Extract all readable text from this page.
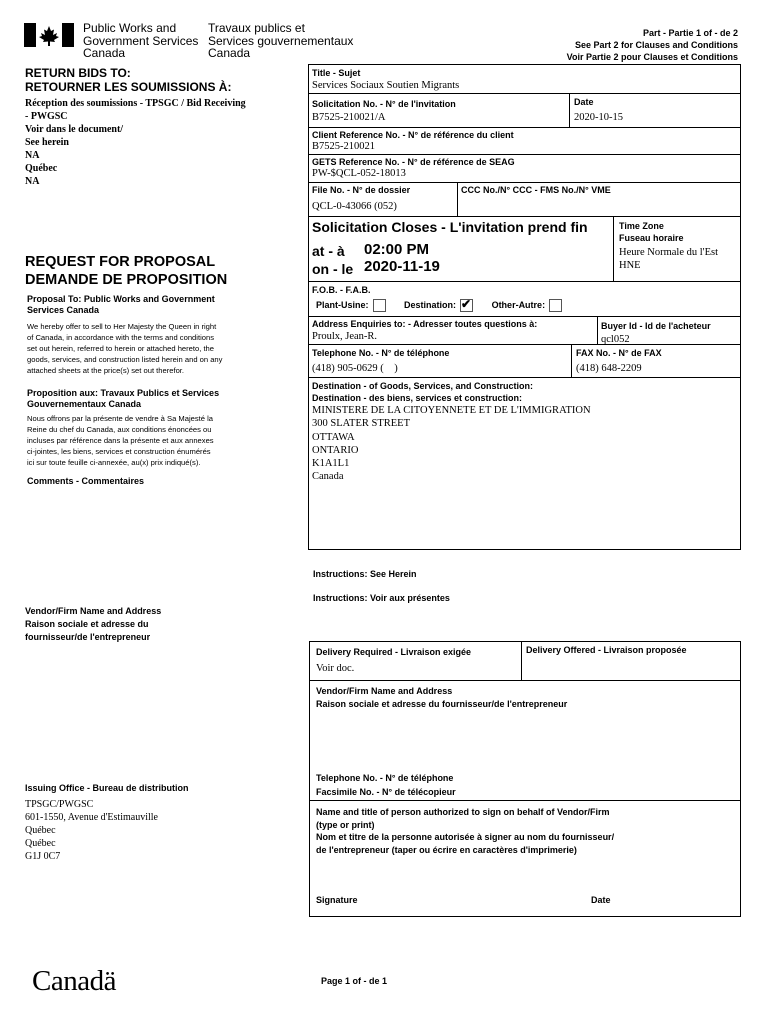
Public Works and
Government Services
Canada
Travaux publics et
Services gouvernementaux
Canada
Part - Partie 1 of - de 2
See Part 2 for Clauses and Conditions
Voir Partie 2 pour Clauses et Conditions
RETURN BIDS TO:
RETOURNER LES SOUMISSIONS À:
Réception des soumissions - TPSGC / Bid Receiving
- PWGSC
Voir dans le document/
See herein
NA
Québec
NA
REQUEST FOR PROPOSAL
DEMANDE DE PROPOSITION
Proposal To: Public Works and Government
Services Canada
We hereby offer to sell to Her Majesty the Queen in right
of Canada, in accordance with the terms and conditions
set out herein, referred to herein or attached hereto, the
goods, services, and construction listed herein and on any
attached sheets at the price(s) set out therefor.
Proposition aux: Travaux Publics et Services
Gouvernementaux Canada
Nous offrons par la présente de vendre à Sa Majesté la
Reine du chef du Canada, aux conditions énoncées ou
incluses par référence dans la présente et aux annexes
ci-jointes, les biens, services et construction énumérés
ici sur toute feuille ci-annexée, au(x) prix indiqué(s).
Comments - Commentaires
Vendor/Firm Name and Address
Raison sociale et adresse du
fournisseur/de l'entrepreneur
Issuing Office - Bureau de distribution
TPSGC/PWGSC
601-1550, Avenue d'Estimauville
Québec
Québec
G1J 0C7
Title - Sujet
Services Sociaux Soutien Migrants
Solicitation No. - N° de l'invitation
B7525-210021/A
Date
2020-10-15
Client Reference No. - N° de référence du client
B7525-210021
GETS Reference No. - N° de référence de SEAG
PW-$QCL-052-18013
File No. - N° de dossier
QCL-0-43066 (052)
CCC No./N° CCC - FMS No./N° VME
Solicitation Closes - L'invitation prend fin
at - à 02:00 PM
on - le 2020-11-19
Time Zone
Fuseau horaire
Heure Normale du l'Est
HNE
F.O.B. - F.A.B.
Plant-Usine:	Destination: ✔ Other-Autre:
Address Enquiries to: - Adresser toutes questions à:
Proulx, Jean-R.
Buyer Id - Id de l'acheteur
qcl052
Telephone No. - N° de téléphone
(418) 905-0629 (    )
FAX No. - N° de FAX
(418) 648-2209
Destination - of Goods, Services, and Construction:
Destination - des biens, services et construction:
MINISTERE DE LA CITOYENNETE ET DE L'IMMIGRATION
300 SLATER STREET
OTTAWA
ONTARIO
K1A1L1
Canada
Instructions: See Herein
Instructions: Voir aux présentes
Delivery Required - Livraison exigée
Voir doc.
Delivery Offered - Livraison proposée
Vendor/Firm Name and Address
Raison sociale et adresse du fournisseur/de l'entrepreneur
Telephone No. - N° de téléphone
Facsimile No. - N° de télécopieur
Name and title of person authorized to sign on behalf of Vendor/Firm
(type or print)
Nom et titre de la personne autorisée à signer au nom du fournisseur/
de l'entrepreneur (taper ou écrire en caractères d'imprimerie)
Signature	Date
Canadä	Page 1 of - de 1
